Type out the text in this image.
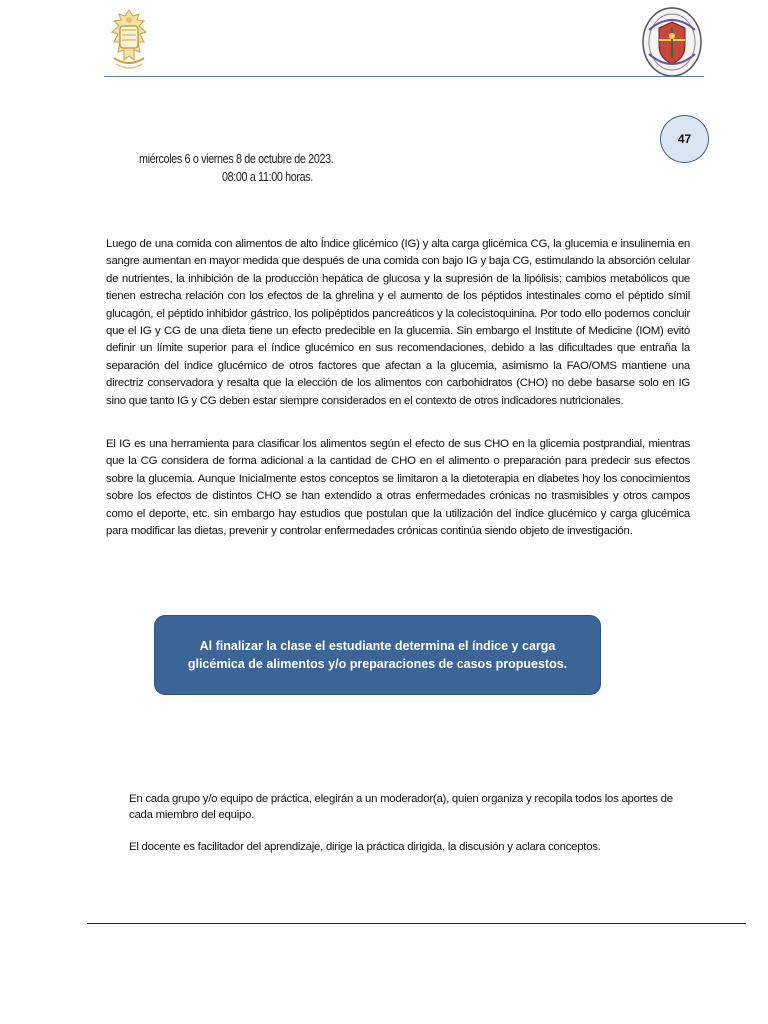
47
miércoles 6 o viernes 8 de octubre de 2023.
08:00 a 11:00 horas.

Luego de una comida con alimentos de alto Índice glicémico (IG) y alta carga glicémica CG, la glucemia e insulinemia en sangre aumentan en mayor medida que después de una comida con bajo IG y baja CG, estimulando la absorción celular de nutrientes, la inhibición de la producción hepática de glucosa y la supresión de la lipólisis; cambios metabólicos que tienen estrecha relación con los efectos de la ghrelina y el aumento de los péptidos intestinales como el péptido símil glucagón, el péptido inhibidor gástrico, los polipéptidos pancreáticos y la colecistoquinina. Por todo ello podemos concluir que el IG y CG de una dieta tiene un efecto predecible en la glucemia. Sin embargo el Institute of Medicine (IOM) evitó definir un límite superior para el índice glucémico en sus recomendaciones, debido a las dificultades que entraña la separación del índice glucémico de otros factores que afectan a la glucemia, asimismo la FAO/OMS mantiene una directriz conservadora y resalta que la elección de los alimentos con carbohidratos (CHO) no debe basarse solo en IG sino que tanto IG y CG deben estar siempre considerados en el contexto de otros indicadores nutricionales.

El IG es una herramienta para clasificar los alimentos según el efecto de sus CHO en la glicemia postprandial, mientras que la CG considera de forma adicional a la cantidad de CHO en el alimento o preparación para predecir sus efectos sobre la glucemia. Aunque Inicialmente estos conceptos se limitaron a la dietoterapia en diabetes hoy los conocimientos sobre los efectos de distintos CHO se han extendido a otras enfermedades crónicas no trasmisibles y otros campos como el deporte, etc. sin embargo hay estudios que postulan que la utilización del índice glucémico y carga glucémica para modificar las dietas, prevenir y controlar enfermedades crónicas continúa siendo objeto de investigación.

Al finalizar la clase el estudiante determina el índice y carga glicémica de alimentos y/o preparaciones de casos propuestos.

En cada grupo y/o equipo de práctica, elegirán a un moderador(a), quien organiza y recopila todos los aportes de cada miembro del equipo.

El docente es facilitador del aprendizaje, dirige la práctica dirigida, la discusión y aclara conceptos.
